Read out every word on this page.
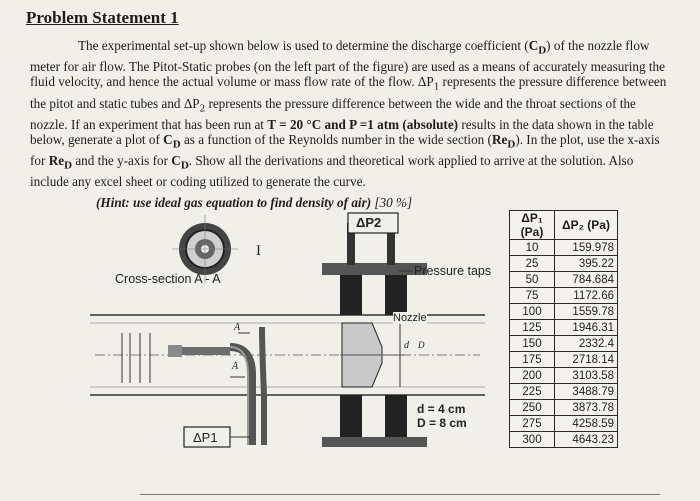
Problem Statement 1
The experimental set-up shown below is used to determine the discharge coefficient $(C_D)$ of the nozzle flow meter for air flow. The Pitot-Static probes (on the left part of the figure) are used as a means of accurately measuring the fluid velocity, and hence the actual volume or mass flow rate of the flow. $\Delta P_1$ represents the pressure difference between the pitot and static tubes and $\Delta P_2$ represents the pressure difference between the wide and the throat sections of the nozzle. If an experiment that has been run at T = 20 °C and P =1 atm (absolute) results in the data shown in the table below, generate a plot of $C_D$ as a function of the Reynolds number in the wide section $(Re_D)$. In the plot, use the x-axis for $Re_D$ and the y-axis for $C_D$. Show all the derivations and theoretical work applied to arrive at the solution. Also include any excel sheet or coding utilized to generate the curve.
(Hint: use ideal gas equation to find density of air) [30 %]
ΔP2
I
Cross-section A - A
Pressure taps
Nozzle
A
A
d D
ΔP1
d = 4 cm
D = 8 cm
ΔP₁ (Pa)	ΔP₂ (Pa)
10	159.978
25	395.22
50	784.684
75	1172.66
100	1559.78
125	1946.31
150	2332.4
175	2718.14
200	3103.58
225	3488.79
250	3873.78
275	4258.59
300	4643.23
